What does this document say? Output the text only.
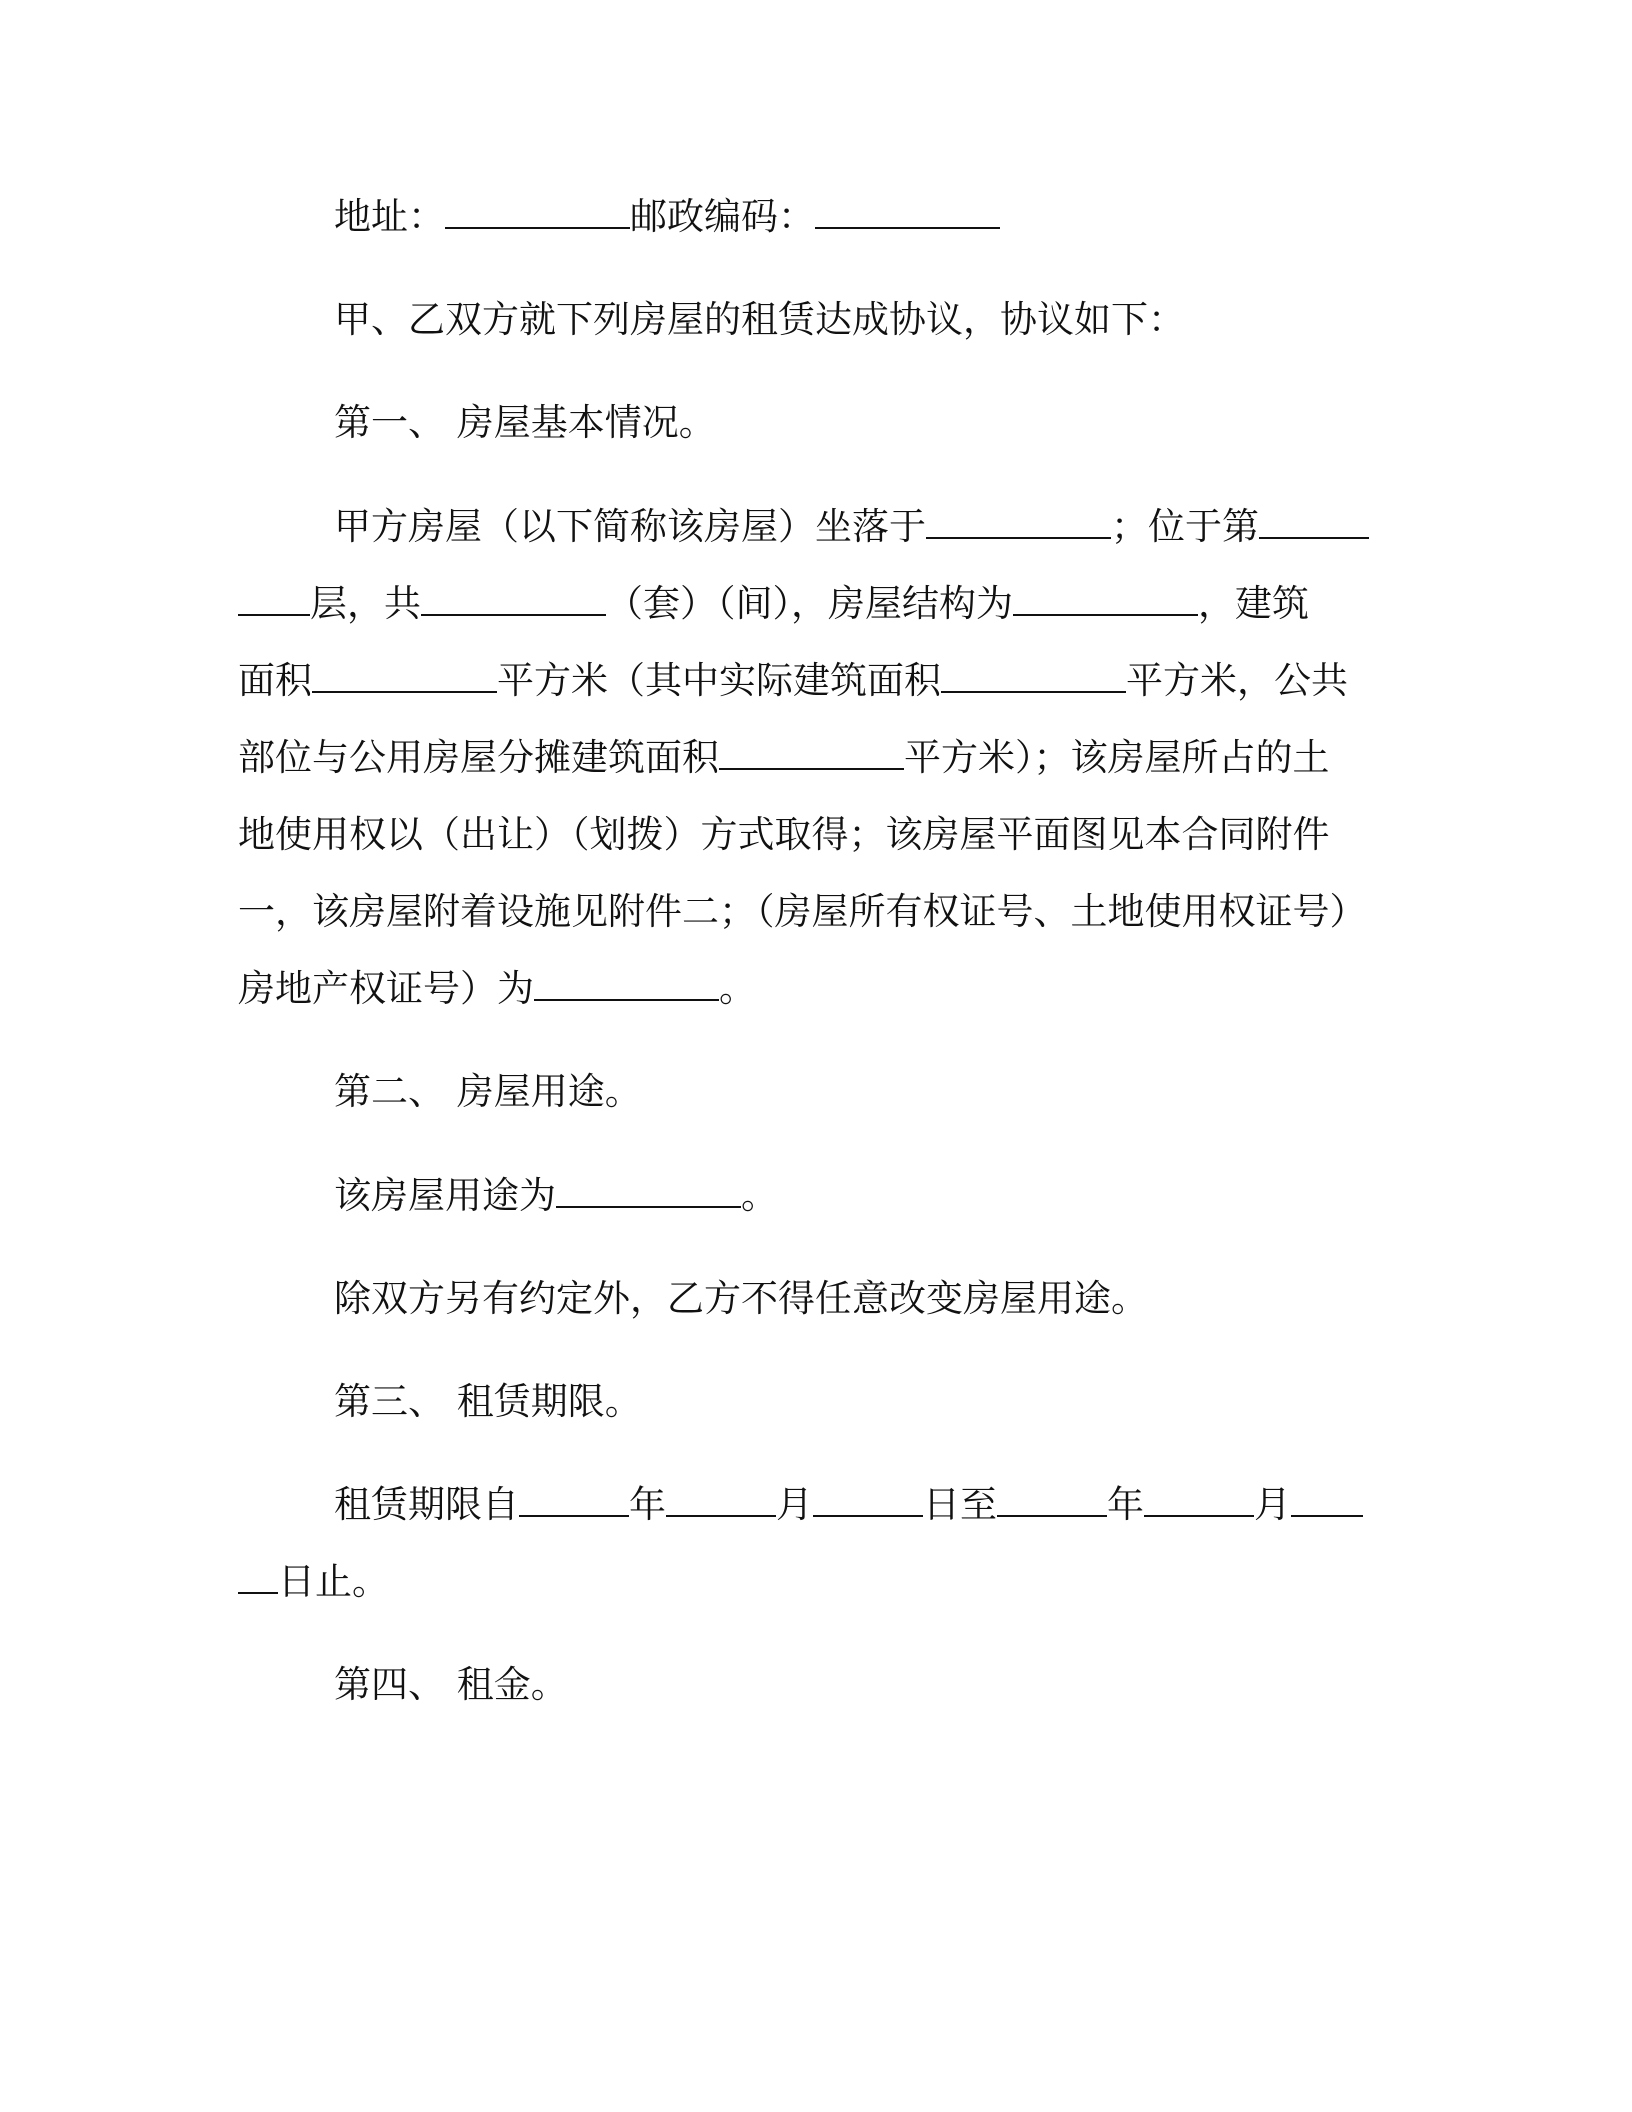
地址：	邮政编码：
甲、乙双方就下列房屋的租赁达成协议，协议如下：
第一、 房屋基本情况。
甲方房屋（以下简称该房屋）坐落于	；位于第
层，共	（套）（间），房屋结构为	，建筑
面积	平方米（其中实际建筑面积	平方米，公共
部位与公用房屋分摊建筑面积	平方米）；该房屋所占的土
地使用权以（出让）（划拨）方式取得；该房屋平面图见本合同附件
一，该房屋附着设施见附件二；（房屋所有权证号、土地使用权证号）
房地产权证号）为	。
第二、 房屋用途。
该房屋用途为	。
除双方另有约定外，乙方不得任意改变房屋用途。
第三、 租赁期限。
租赁期限自	年	月	日至	年	月
日止。
第四、 租金。
